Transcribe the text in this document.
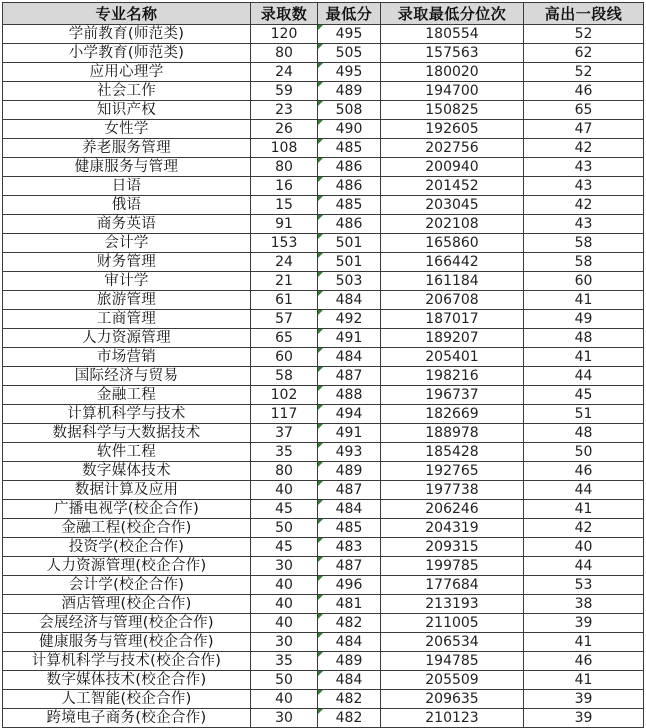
专业名称	录取数	最低分	录取最低分位次	高出一段线
学前教育(师范类)	120	495	180554	52
小学教育(师范类)	80	505	157563	62
应用心理学	24	495	180020	52
社会工作	59	489	194700	46
知识产权	23	508	150825	65
女性学	26	490	192605	47
养老服务管理	108	485	202756	42
健康服务与管理	80	486	200940	43
日语	16	486	201452	43
俄语	15	485	203045	42
商务英语	91	486	202108	43
会计学	153	501	165860	58
财务管理	24	501	166442	58
审计学	21	503	161184	60
旅游管理	61	484	206708	41
工商管理	57	492	187017	49
人力资源管理	65	491	189207	48
市场营销	60	484	205401	41
国际经济与贸易	58	487	198216	44
金融工程	102	488	196737	45
计算机科学与技术	117	494	182669	51
数据科学与大数据技术	37	491	188978	48
软件工程	35	493	185428	50
数字媒体技术	80	489	192765	46
数据计算及应用	40	487	197738	44
广播电视学(校企合作)	45	484	206246	41
金融工程(校企合作)	50	485	204319	42
投资学(校企合作)	45	483	209315	40
人力资源管理(校企合作)	30	487	199785	44
会计学(校企合作)	40	496	177684	53
酒店管理(校企合作)	40	481	213193	38
会展经济与管理(校企合作)	40	482	211005	39
健康服务与管理(校企合作)	30	484	206534	41
计算机科学与技术(校企合作)	35	489	194785	46
数字媒体技术(校企合作)	50	484	205509	41
人工智能(校企合作)	40	482	209635	39
跨境电子商务(校企合作)	30	482	210123	39
